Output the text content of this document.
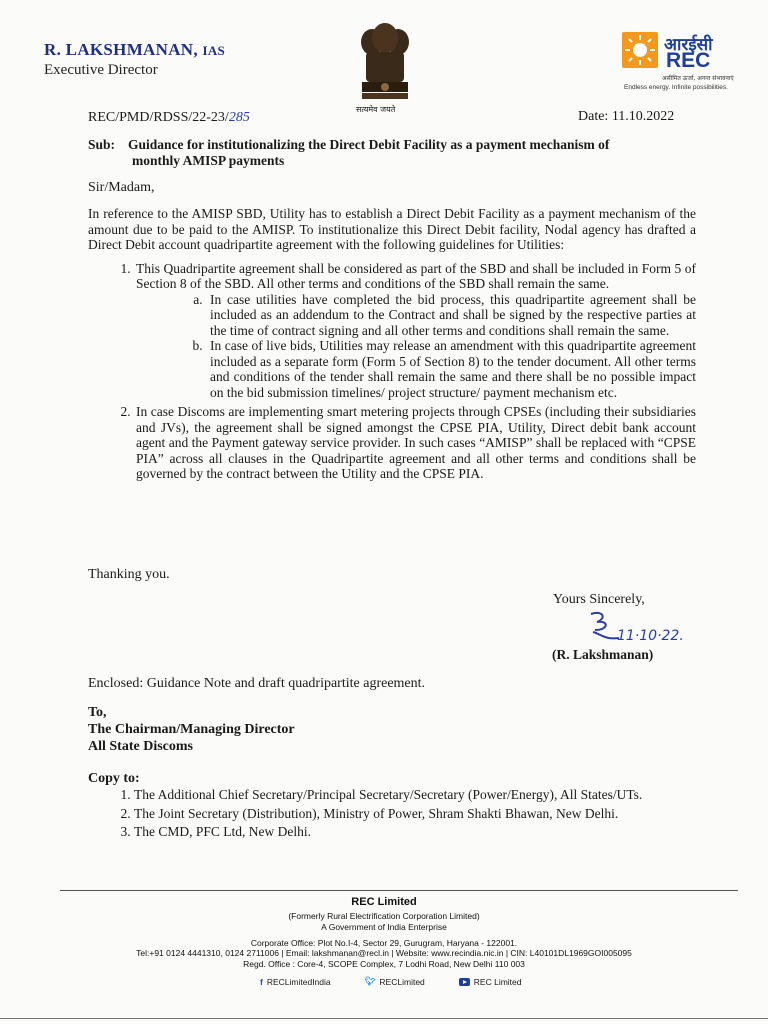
R. LAKSHMANAN, IAS
Executive Director
सत्यमेव जयते
आरईसी
REC
असीमित ऊर्जा, अनन्त संभावनाएं
Endless energy. Infinite possibilities.
REC/PMD/RDSS/22-23/285	Date: 11.10.2022
Sub: Guidance for institutionalizing the Direct Debit Facility as a payment mechanism of
monthly AMISP payments
Sir/Madam,
In reference to the AMISP SBD, Utility has to establish a Direct Debit Facility as a payment mechanism of the amount due to be paid to the AMISP. To institutionalize this Direct Debit facility, Nodal agency has drafted a Direct Debit account quadripartite agreement with the following guidelines for Utilities:
1. This Quadripartite agreement shall be considered as part of the SBD and shall be included in Form 5 of Section 8 of the SBD. All other terms and conditions of the SBD shall remain the same.
a. In case utilities have completed the bid process, this quadripartite agreement shall be included as an addendum to the Contract and shall be signed by the respective parties at the time of contract signing and all other terms and conditions shall remain the same.
b. In case of live bids, Utilities may release an amendment with this quadripartite agreement included as a separate form (Form 5 of Section 8) to the tender document. All other terms and conditions of the tender shall remain the same and there shall be no possible impact on the bid submission timelines/ project structure/ payment mechanism etc.
2. In case Discoms are implementing smart metering projects through CPSEs (including their subsidiaries and JVs), the agreement shall be signed amongst the CPSE PIA, Utility, Direct debit bank account agent and the Payment gateway service provider. In such cases “AMISP” shall be replaced with “CPSE PIA” across all clauses in the Quadripartite agreement and all other terms and conditions shall be governed by the contract between the Utility and the CPSE PIA.
Thanking you.
Yours Sincerely,
11·10·22.
(R. Lakshmanan)
Enclosed: Guidance Note and draft quadripartite agreement.
To,
The Chairman/Managing Director
All State Discoms
Copy to:
1. The Additional Chief Secretary/Principal Secretary/Secretary (Power/Energy), All States/UTs.
2. The Joint Secretary (Distribution), Ministry of Power, Shram Shakti Bhawan, New Delhi.
3. The CMD, PFC Ltd, New Delhi.
REC Limited
(Formerly Rural Electrification Corporation Limited)
A Government of India Enterprise
Corporate Office: Plot No.I-4, Sector 29, Gurugram, Haryana - 122001.
Tel:+91 0124 4441310, 0124 2711006 | Email: lakshmanan@recl.in | Website: www.recindia.nic.in | CIN: L40101DL1969GOI005095
Regd. Office : Core-4, SCOPE Complex, 7 Lodhi Road, New Delhi 110 003
f RECLimitedIndia	🐦︎ RECLimited	REC Limited
